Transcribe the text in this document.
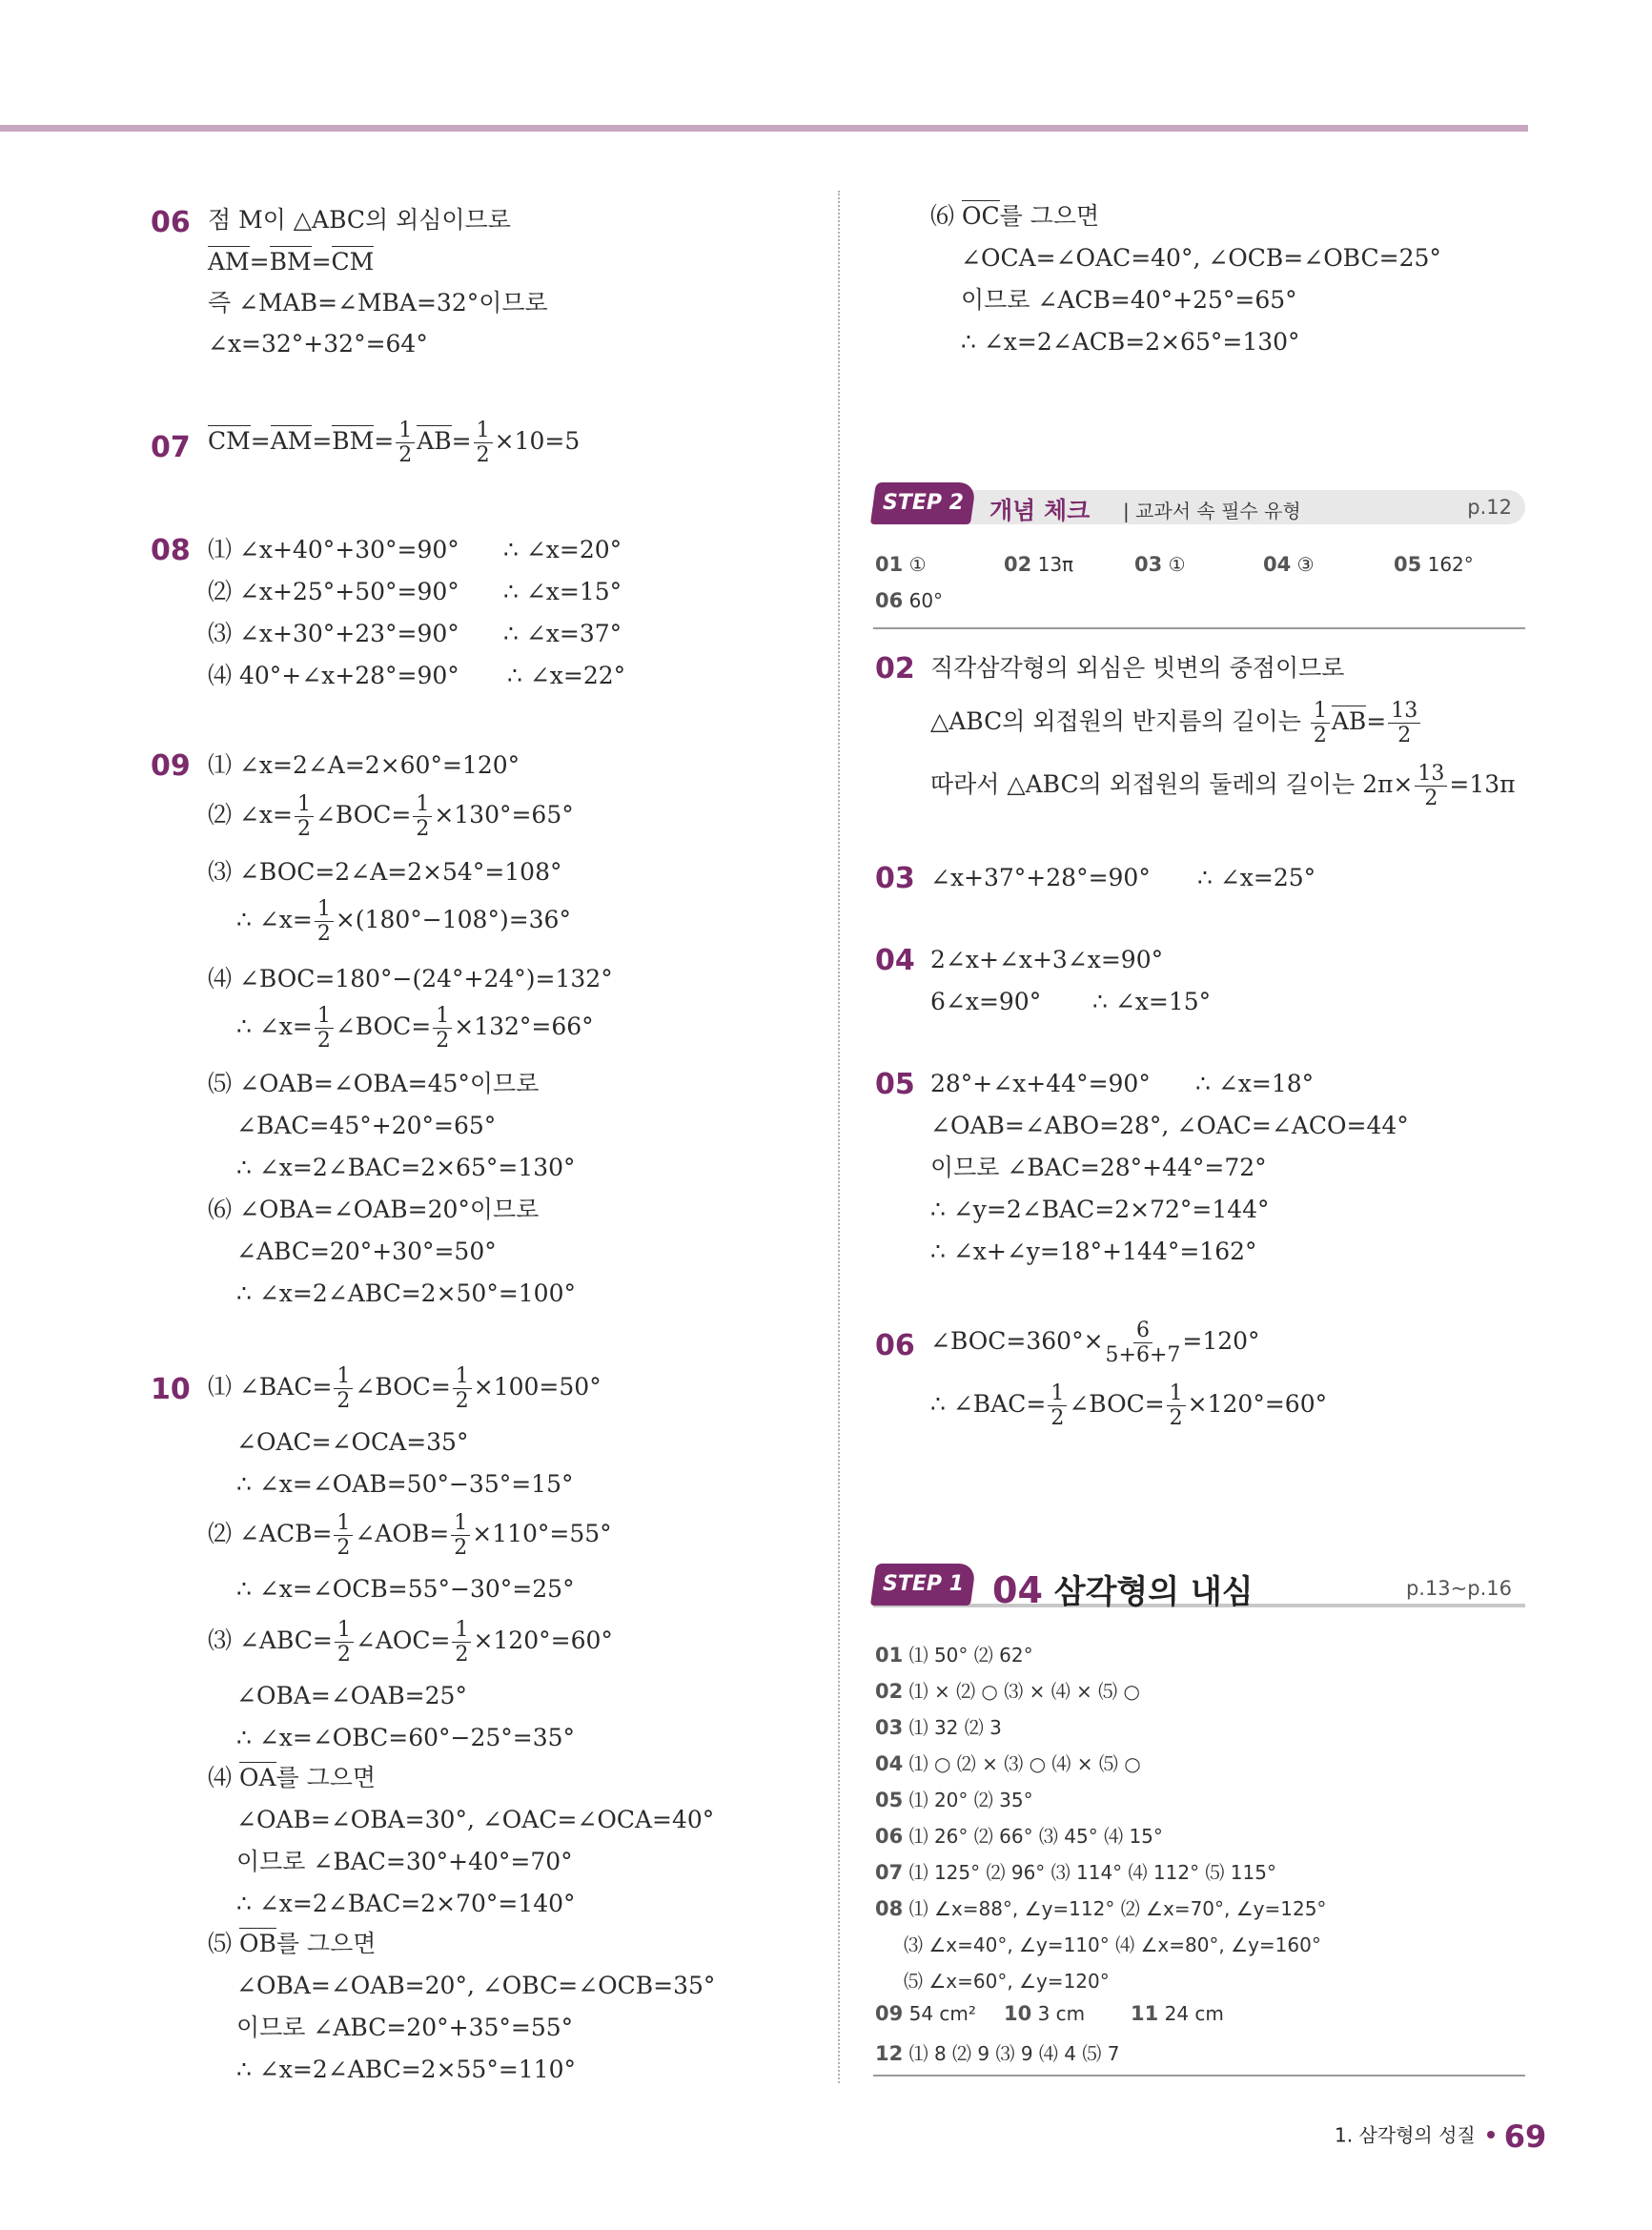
06 점 M이 △ABC의 외심이므로
AM=BM=CM
즉 ∠MAB=∠MBA=32°이므로
∠x=32°+32°=64°
07 $CM=AM=BM= \frac{1}{2} AB= \frac{1}{2} \times 10=5$
08 ⑴ ∠x+40°+30°=90° ∴ ∠x=20°
⑵ ∠x+25°+50°=90° ∴ ∠x=15°
⑶ ∠x+30°+23°=90° ∴ ∠x=37°
⑷ 40°+∠x+28°=90° ∴ ∠x=22°
09 ⑴ ∠x=2∠A=2×60°=120°
⑵ ∠x= $\frac{1}{2}$ ∠BOC= $\frac{1}{2} \times 130^\circ=65^\circ$
⑶ ∠BOC=2∠A=2×54°=108°
∴ ∠x= $\frac{1}{2} \times(180^\circ-108^\circ)=36^\circ$
⑷ ∠BOC=180°−(24°+24°)=132°
∴ ∠x= $\frac{1}{2}$ ∠BOC= $\frac{1}{2} \times 132^\circ=66^\circ$
⑸ ∠OAB=∠OBA=45°이므로
∠BAC=45°+20°=65°
∴ ∠x=2∠BAC=2×65°=130°
⑹ ∠OBA=∠OAB=20°이므로
∠ABC=20°+30°=50°
∴ ∠x=2∠ABC=2×50°=100°
10 ⑴ ∠BAC= $\frac{1}{2}$ ∠BOC= $\frac{1}{2} \times 100=50^\circ$
∠OAC=∠OCA=35°
∴ ∠x=∠OAB=50°−35°=15°
⑵ ∠ACB= $\frac{1}{2}$ ∠AOB= $\frac{1}{2} \times 110^\circ=55^\circ$
∴ ∠x=∠OCB=55°−30°=25°
⑶ ∠ABC= $\frac{1}{2}$ ∠AOC= $\frac{1}{2} \times 120^\circ=60^\circ$
∠OBA=∠OAB=25°
∴ ∠x=∠OBC=60°−25°=35°
⑷ OA를 그으면
∠OAB=∠OBA=30°, ∠OAC=∠OCA=40°
이므로 ∠BAC=30°+40°=70°
∴ ∠x=2∠BAC=2×70°=140°
⑸ OB를 그으면
∠OBA=∠OAB=20°, ∠OBC=∠OCB=35°
이므로 ∠ABC=20°+35°=55°
∴ ∠x=2∠ABC=2×55°=110°
⑹ OC를 그으면
∠OCA=∠OAC=40°, ∠OCB=∠OBC=25°
이므로 ∠ACB=40°+25°=65°
∴ ∠x=2∠ACB=2×65°=130°
STEP 2	개념 체크 | 교과서 속 필수 유형	p.12
01 ①	02 13π	03 ①	04 ③	05 162°
06 60°
02 직각삼각형의 외심은 빗변의 중점이므로
△ABC의 외접원의 반지름의 길이는 $\frac{1}{2} AB= \frac{13}{2}$
따라서 △ABC의 외접원의 둘레의 길이는 $2\pi\times \frac{13}{2} =13\pi$
03 ∠x+37°+28°=90° ∴ ∠x=25°
04 2∠x+∠x+3∠x=90°
6∠x=90° ∴ ∠x=15°
05 28°+∠x+44°=90° ∴ ∠x=18°
∠OAB=∠ABO=28°, ∠OAC=∠ACO=44°
이므로 ∠BAC=28°+44°=72°
∴ ∠y=2∠BAC=2×72°=144°
∴ ∠x+∠y=18°+144°=162°
06 ∠BOC=360°× $\frac{6}{5+6+7} =120^\circ$
∴ ∠BAC= $\frac{1}{2}$ ∠BOC= $\frac{1}{2} \times 120^\circ=60^\circ$
STEP 1 04 삼각형의 내심	p.13~p.16
01 ⑴ 50° ⑵ 62°
02 ⑴ × ⑵ ○ ⑶ × ⑷ × ⑸ ○
03 ⑴ 32 ⑵ 3
04 ⑴ ○ ⑵ × ⑶ ○ ⑷ × ⑸ ○
05 ⑴ 20° ⑵ 35°
06 ⑴ 26° ⑵ 66° ⑶ 45° ⑷ 15°
07 ⑴ 125° ⑵ 96° ⑶ 114° ⑷ 112° ⑸ 115°
08 ⑴ ∠x=88°, ∠y=112° ⑵ ∠x=70°, ∠y=125°
⑶ ∠x=40°, ∠y=110° ⑷ ∠x=80°, ∠y=160°
⑸ ∠x=60°, ∠y=120°
09 54 cm² 10 3 cm 11 24 cm
12 ⑴ 8 ⑵ 9 ⑶ 9 ⑷ 4 ⑸ 7
1. 삼각형의 성질 69
